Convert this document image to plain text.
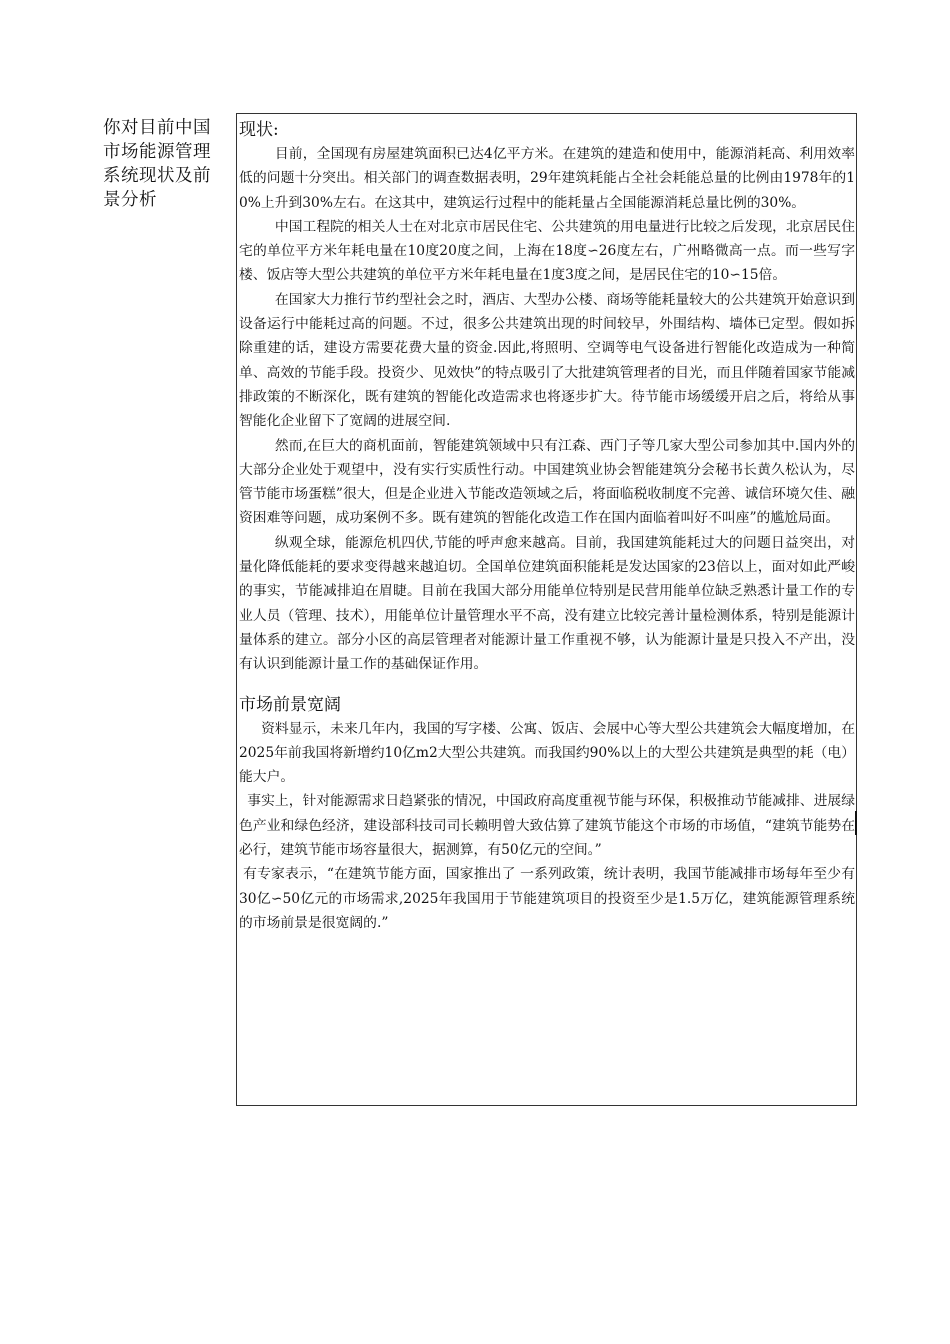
你对目前中国市场能源管理系统现状及前景分析

现状:

目前，全国现有房屋建筑面积已达4亿平方米。在建筑的建造和使用中，能源消耗高、利用效率低的问题十分突出。相关部门的调查数据表明，29年建筑耗能占全社会耗能总量的比例由1978年的10%上升到30%左右。在这其中，建筑运行过程中的能耗量占全国能源消耗总量比例的30%。

中国工程院的相关人士在对北京市居民住宅、公共建筑的用电量进行比较之后发现，北京居民住宅的单位平方米年耗电量在10度20度之间，上海在18度∽26度左右，广州略微高一点。而一些写字楼、饭店等大型公共建筑的单位平方米年耗电量在1度3度之间，是居民住宅的10∽15倍。

在国家大力推行节约型社会之时，酒店、大型办公楼、商场等能耗量较大的公共建筑开始意识到设备运行中能耗过高的问题。不过，很多公共建筑出现的时间较早，外围结构、墙体已定型。假如拆除重建的话，建设方需要花费大量的资金.因此,将照明、空调等电气设备进行智能化改造成为一种简单、高效的节能手段。投资少、见效快”的特点吸引了大批建筑管理者的目光，而且伴随着国家节能减排政策的不断深化，既有建筑的智能化改造需求也将逐步扩大。待节能市场缓缓开启之后，将给从事智能化企业留下了宽阔的进展空间.

然而,在巨大的商机面前，智能建筑领域中只有江森、西门子等几家大型公司参加其中.国内外的大部分企业处于观望中，没有实行实质性行动。中国建筑业协会智能建筑分会秘书长黄久松认为，尽管节能市场蛋糕”很大，但是企业进入节能改造领域之后，将面临税收制度不完善、诚信环境欠佳、融资困难等问题，成功案例不多。既有建筑的智能化改造工作在国内面临着叫好不叫座”的尴尬局面。

纵观全球，能源危机四伏,节能的呼声愈来越高。目前，我国建筑能耗过大的问题日益突出，对量化降低能耗的要求变得越来越迫切。全国单位建筑面积能耗是发达国家的23倍以上，面对如此严峻的事实，节能减排迫在眉睫。目前在我国大部分用能单位特别是民营用能单位缺乏熟悉计量工作的专业人员（管理、技术），用能单位计量管理水平不高，没有建立比较完善计量检测体系，特别是能源计量体系的建立。部分小区的高层管理者对能源计量工作重视不够，认为能源计量是只投入不产出，没有认识到能源计量工作的基础保证作用。

市场前景宽阔

资料显示，未来几年内，我国的写字楼、公寓、饭店、会展中心等大型公共建筑会大幅度增加，在2025年前我国将新增约10亿m2大型公共建筑。而我国约90%以上的大型公共建筑是典型的耗（电）能大户。

事实上，针对能源需求日趋紧张的情况，中国政府高度重视节能与环保，积极推动节能减排、进展绿色产业和绿色经济，建设部科技司司长赖明曾大致估算了建筑节能这个市场的市场值，“建筑节能势在必行，建筑节能市场容量很大，据测算，有50亿元的空间。”

有专家表示，“在建筑节能方面，国家推出了 一系列政策，统计表明，我国节能减排市场每年至少有30亿∽50亿元的市场需求,2025年我国用于节能建筑项目的投资至少是1.5万亿，建筑能源管理系统的市场前景是很宽阔的.”
